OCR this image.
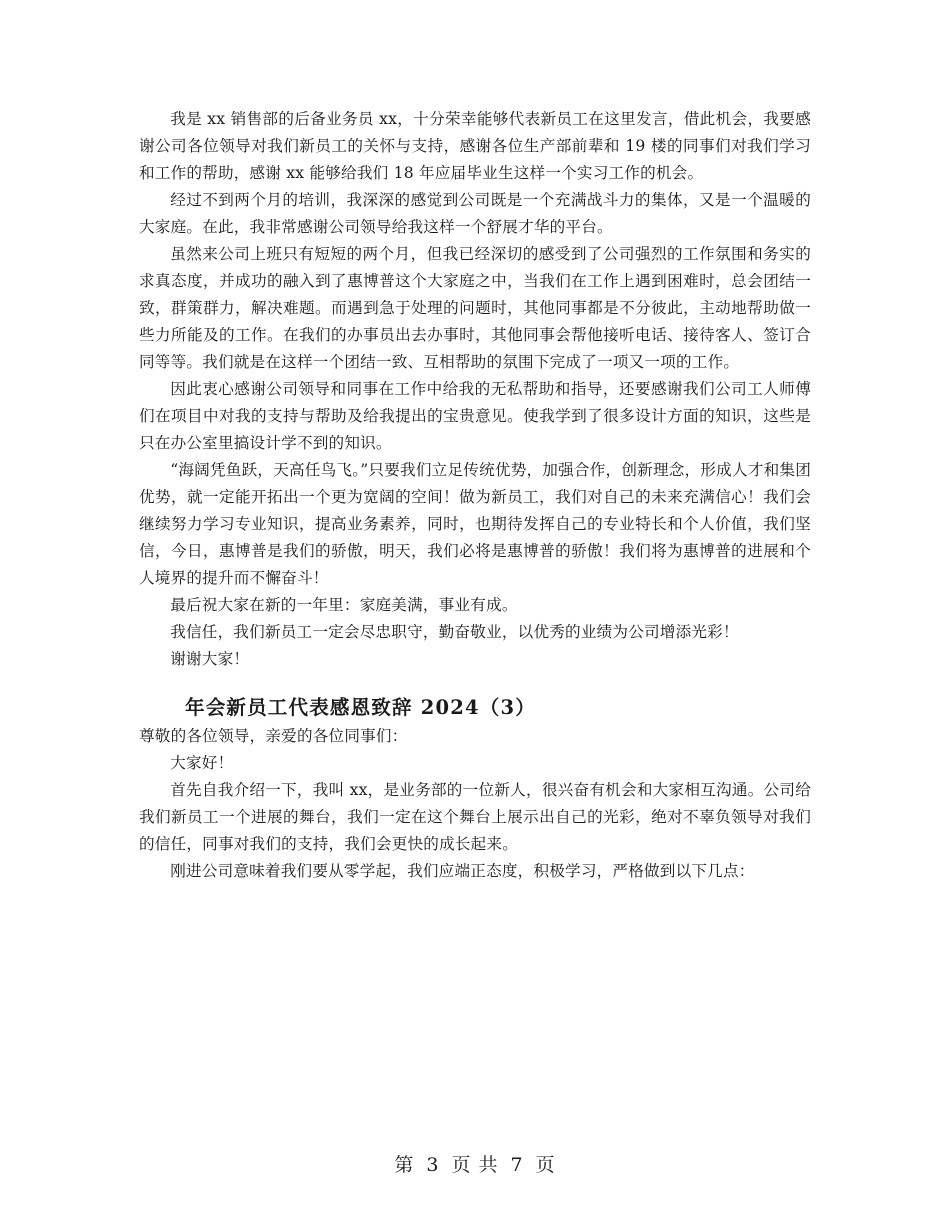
我是 xx 销售部的后备业务员 xx，十分荣幸能够代表新员工在这里发言，借此机会，我要感谢公司各位领导对我们新员工的关怀与支持，感谢各位生产部前辈和 19 楼的同事们对我们学习和工作的帮助，感谢 xx 能够给我们 18 年应届毕业生这样一个实习工作的机会。

经过不到两个月的培训，我深深的感觉到公司既是一个充满战斗力的集体，又是一个温暖的大家庭。在此，我非常感谢公司领导给我这样一个舒展才华的平台。

虽然来公司上班只有短短的两个月，但我已经深切的感受到了公司强烈的工作氛围和务实的求真态度，并成功的融入到了惠博普这个大家庭之中，当我们在工作上遇到困难时，总会团结一致，群策群力，解决难题。而遇到急于处理的问题时，其他同事都是不分彼此，主动地帮助做一些力所能及的工作。在我们的办事员出去办事时，其他同事会帮他接听电话、接待客人、签订合同等等。我们就是在这样一个团结一致、互相帮助的氛围下完成了一项又一项的工作。

因此衷心感谢公司领导和同事在工作中给我的无私帮助和指导，还要感谢我们公司工人师傅们在项目中对我的支持与帮助及给我提出的宝贵意见。使我学到了很多设计方面的知识，这些是只在办公室里搞设计学不到的知识。

“海阔凭鱼跃，天高任鸟飞。”只要我们立足传统优势，加强合作，创新理念，形成人才和集团优势，就一定能开拓出一个更为宽阔的空间！做为新员工，我们对自己的未来充满信心！我们会继续努力学习专业知识，提高业务素养，同时，也期待发挥自己的专业特长和个人价值，我们坚信，今日，惠博普是我们的骄傲，明天，我们必将是惠博普的骄傲！我们将为惠博普的进展和个人境界的提升而不懈奋斗！

最后祝大家在新的一年里：家庭美满，事业有成。

我信任，我们新员工一定会尽忠职守，勤奋敬业，以优秀的业绩为公司增添光彩！

谢谢大家！

年会新员工代表感恩致辞 2024（3）

尊敬的各位领导，亲爱的各位同事们：

大家好！

首先自我介绍一下，我叫 xx，是业务部的一位新人，很兴奋有机会和大家相互沟通。公司给我们新员工一个进展的舞台，我们一定在这个舞台上展示出自己的光彩，绝对不辜负领导对我们的信任，同事对我们的支持，我们会更快的成长起来。

刚进公司意味着我们要从零学起，我们应端正态度，积极学习，严格做到以下几点：

第 3 页 共 7 页
